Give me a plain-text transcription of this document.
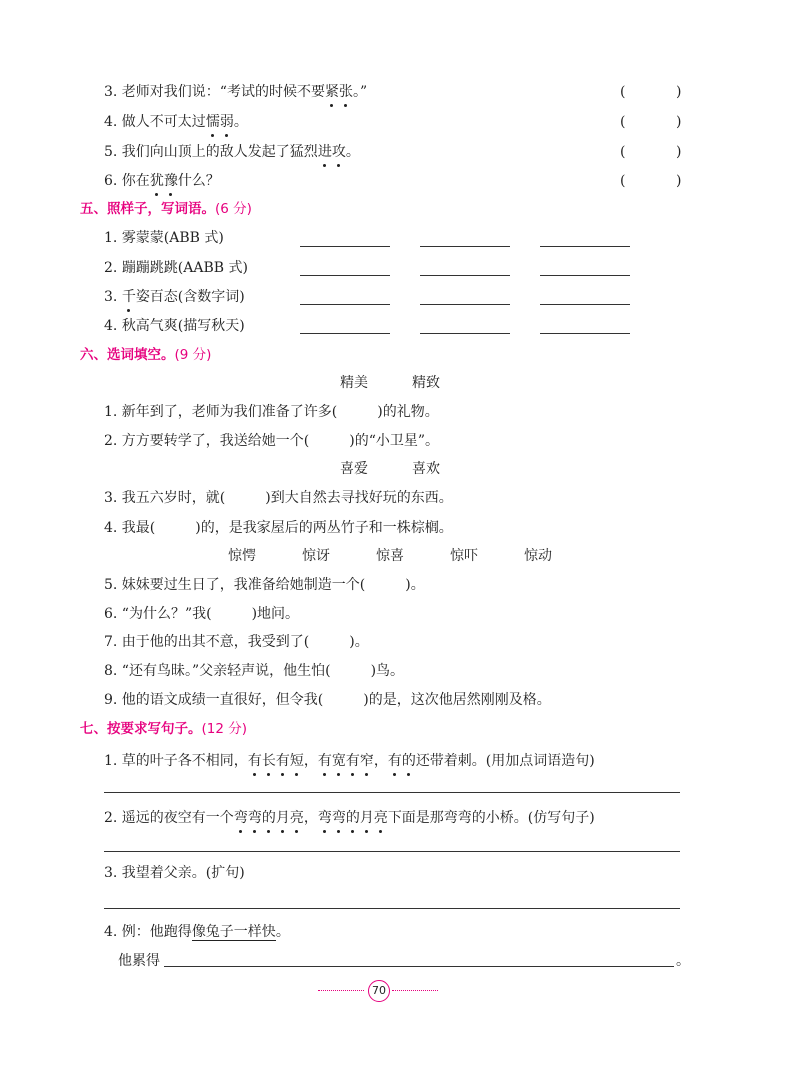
3. 老师对我们说：“考试的时候不要紧张。”
4. 做人不可太过懦弱。
5. 我们向山顶上的敌人发起了猛烈进攻。
6. 你在犹豫什么？
(	)
(	)
(	)
(	)
五、照样子，写词语。(6 分)
1. 雾蒙蒙(ABB 式)
2. 蹦蹦跳跳(AABB 式)
3. 千姿百态(含数字词)
4. 秋高气爽(描写秋天)
六、选词填空。(9 分)
精美	精致
1. 新年到了，老师为我们准备了许多(	)的礼物。
2. 方方要转学了，我送给她一个(	)的“小卫星”。
喜爱	喜欢
3. 我五六岁时，就(	)到大自然去寻找好玩的东西。
4. 我最(	)的，是我家屋后的两丛竹子和一株棕榈。
惊愕	惊讶	惊喜	惊吓	惊动
5. 妹妹要过生日了，我准备给她制造一个(	)。
6. “为什么？”我(	)地问。
7. 由于他的出其不意，我受到了(	)。
8. “还有鸟昧。”父亲轻声说，他生怕(	)鸟。
9. 他的语文成绩一直很好，但令我(	)的是，这次他居然刚刚及格。
七、按要求写句子。(12 分)
1. 草的叶子各不相同，有长有短，有宽有窄，有的还带着刺。(用加点词语造句)
2. 遥远的夜空有一个弯弯的月亮，弯弯的月亮下面是那弯弯的小桥。(仿写句子)
3. 我望着父亲。(扩句)
4. 例：他跑得像兔子一样快。
他累得	。
70
